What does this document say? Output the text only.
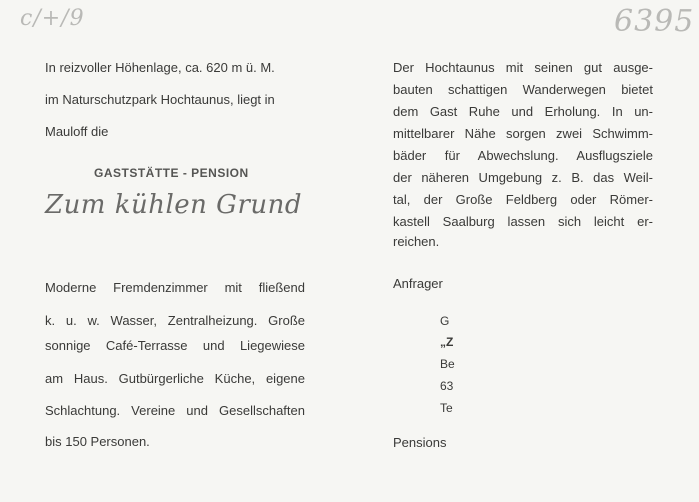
c/+/9	6395
In reizvoller Höhenlage, ca. 620 m ü. M.
im Naturschutzpark Hochtaunus, liegt in
Mauloff die
GASTSTÄTTE - PENSION
Zum kühlen Grund
Moderne Fremdenzimmer mit fließend
k. u. w. Wasser, Zentralheizung. Große
sonnige Café-Terrasse und Liegewiese
am Haus. Gutbürgerliche Küche, eigene
Schlachtung. Vereine und Gesellschaften
bis 150 Personen.
Der Hochtaunus mit seinen gut ausge-
bauten schattigen Wanderwegen bietet
dem Gast Ruhe und Erholung. In un-
mittelbarer Nähe sorgen zwei Schwimm-
bäder für Abwechslung. Ausflugsziele
der näheren Umgebung z. B. das Weil-
tal, der Große Feldberg oder Römer-
kastell Saalburg lassen sich leicht er-
reichen.
Anfrager
G
„Z
Be
63
Te
Pensions
